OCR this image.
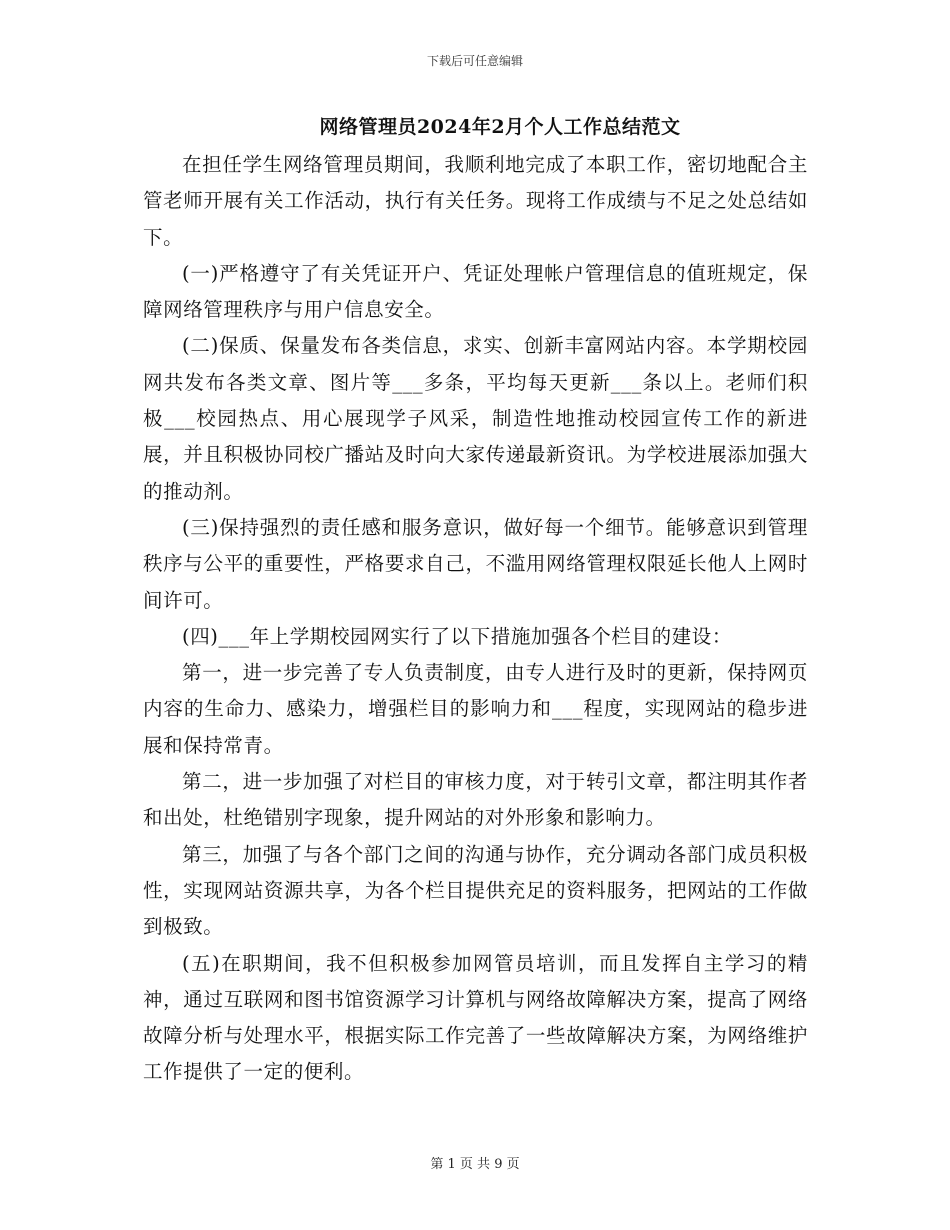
下载后可任意编辑
网络管理员2024年2月个人工作总结范文

在担任学生网络管理员期间，我顺利地完成了本职工作，密切地配合主管老师开展有关工作活动，执行有关任务。现将工作成绩与不足之处总结如下。

(一)严格遵守了有关凭证开户、凭证处理帐户管理信息的值班规定，保障网络管理秩序与用户信息安全。

(二)保质、保量发布各类信息，求实、创新丰富网站内容。本学期校园网共发布各类文章、图片等___多条，平均每天更新___条以上。老师们积极___校园热点、用心展现学子风采，制造性地推动校园宣传工作的新进展，并且积极协同校广播站及时向大家传递最新资讯。为学校进展添加强大的推动剂。

(三)保持强烈的责任感和服务意识，做好每一个细节。能够意识到管理秩序与公平的重要性，严格要求自己，不滥用网络管理权限延长他人上网时间许可。

(四)___年上学期校园网实行了以下措施加强各个栏目的建设：

第一，进一步完善了专人负责制度，由专人进行及时的更新，保持网页内容的生命力、感染力，增强栏目的影响力和___程度，实现网站的稳步进展和保持常青。

第二，进一步加强了对栏目的审核力度，对于转引文章，都注明其作者和出处，杜绝错别字现象，提升网站的对外形象和影响力。

第三，加强了与各个部门之间的沟通与协作，充分调动各部门成员积极性，实现网站资源共享，为各个栏目提供充足的资料服务，把网站的工作做到极致。

(五)在职期间，我不但积极参加网管员培训，而且发挥自主学习的精神，通过互联网和图书馆资源学习计算机与网络故障解决方案，提高了网络故障分析与处理水平，根据实际工作完善了一些故障解决方案，为网络维护工作提供了一定的便利。

第 1 页 共 9 页
